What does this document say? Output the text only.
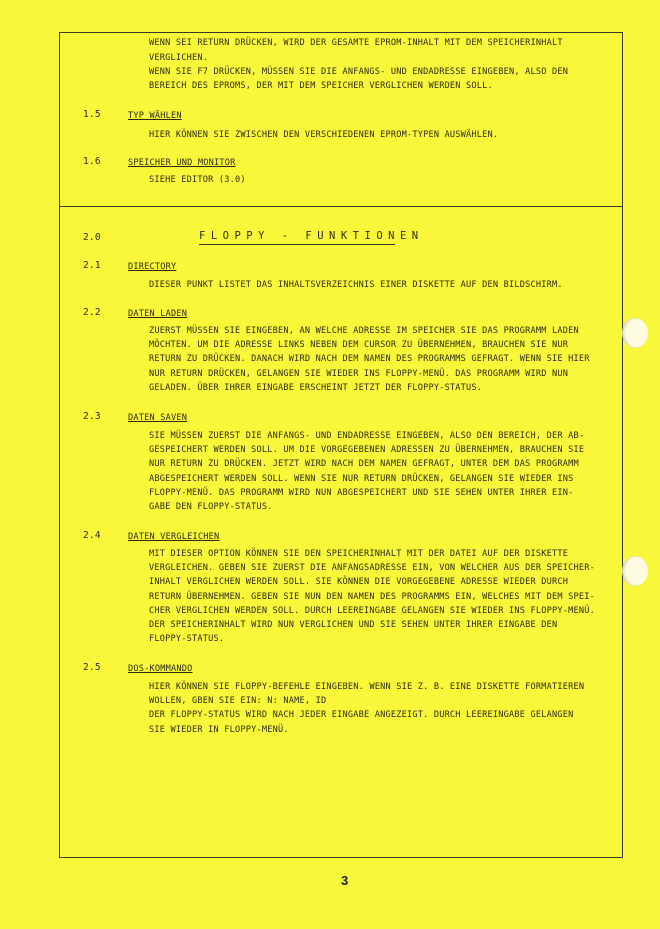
WENN SEI RETURN DRÜCKEN, WIRD DER GESAMTE EPROM-INHALT MIT DEM SPEICHERINHALT
VERGLICHEN.
WENN SIE F7 DRÜCKEN, MÜSSEN SIE DIE ANFANGS- UND ENDADRESSE EINGEBEN, ALSO DEN
BEREICH DES EPROMS, DER MIT DEM SPEICHER VERGLICHEN WERDEN SOLL.
1.5	TYP WÄHLEN
HIER KÖNNEN SIE ZWISCHEN DEN VERSCHIEDENEN EPROM-TYPEN AUSWÄHLEN.
1.6	SPEICHER UND MONITOR
SIEHE EDITOR (3.0)
2.0	FLOPPY - FUNKTIONEN
2.1	DIRECTORY
DIESER PUNKT LISTET DAS INHALTSVERZEICHNIS EINER DISKETTE AUF DEN BILDSCHIRM.
2.2	DATEN LADEN
ZUERST MÜSSEN SIE EINGEBEN, AN WELCHE ADRESSE IM SPEICHER SIE DAS PROGRAMM LADEN
MÖCHTEN. UM DIE ADRESSE LINKS NEBEN DEM CURSOR ZU ÜBERNEHMEN, BRAUCHEN SIE NUR
RETURN ZU DRÜCKEN. DANACH WIRD NACH DEM NAMEN DES PROGRAMMS GEFRAGT. WENN SIE HIER
NUR RETURN DRÜCKEN, GELANGEN SIE WIEDER INS FLOPPY-MENÜ. DAS PROGRAMM WIRD NUN
GELADEN. ÜBER IHRER EINGABE ERSCHEINT JETZT DER FLOPPY-STATUS.
2.3	DATEN SAVEN
SIE MÜSSEN ZUERST DIE ANFANGS- UND ENDADRESSE EINGEBEN, ALSO DEN BEREICH, DER AB-
GESPEICHERT WERDEN SOLL. UM DIE VORGEGEBENEN ADRESSEN ZU ÜBERNEHMEN, BRAUCHEN SIE
NUR RETURN ZU DRÜCKEN. JETZT WIRD NACH DEM NAMEN GEFRAGT, UNTER DEM DAS PROGRAMM
ABGESPEICHERT WERDEN SOLL. WENN SIE NUR RETURN DRÜCKEN, GELANGEN SIE WIEDER INS
FLOPPY-MENÜ. DAS PROGRAMM WIRD NUN ABGESPEICHERT UND SIE SEHEN UNTER IHRER EIN-
GABE DEN FLOPPY-STATUS.
2.4	DATEN VERGLEICHEN
MIT DIESER OPTION KÖNNEN SIE DEN SPEICHERINHALT MIT DER DATEI AUF DER DISKETTE
VERGLEICHEN. GEBEN SIE ZUERST DIE ANFANGSADRESSE EIN, VON WELCHER AUS DER SPEICHER-
INHALT VERGLICHEN WERDEN SOLL. SIE KÖNNEN DIE VORGEGEBENE ADRESSE WIEDER DURCH
RETURN ÜBERNEHMEN. GEBEN SIE NUN DEN NAMEN DES PROGRAMMS EIN, WELCHES MIT DEM SPEI-
CHER VERGLICHEN WERDEN SOLL. DURCH LEEREINGABE GELANGEN SIE WIEDER INS FLOPPY-MENÜ.
DER SPEICHERINHALT WIRD NUN VERGLICHEN UND SIE SEHEN UNTER IHRER EINGABE DEN
FLOPPY-STATUS.
2.5	DOS-KOMMANDO
HIER KÖNNEN SIE FLOPPY-BEFEHLE EINGEBEN. WENN SIE Z. B. EINE DISKETTE FORMATIEREN
WOLLEN, GBEN SIE EIN: N: NAME, ID
DER FLOPPY-STATUS WIRD NACH JEDER EINGABE ANGEZEIGT. DURCH LEEREINGABE GELANGEN
SIE WIEDER IN FLOPPY-MENÜ.
3
